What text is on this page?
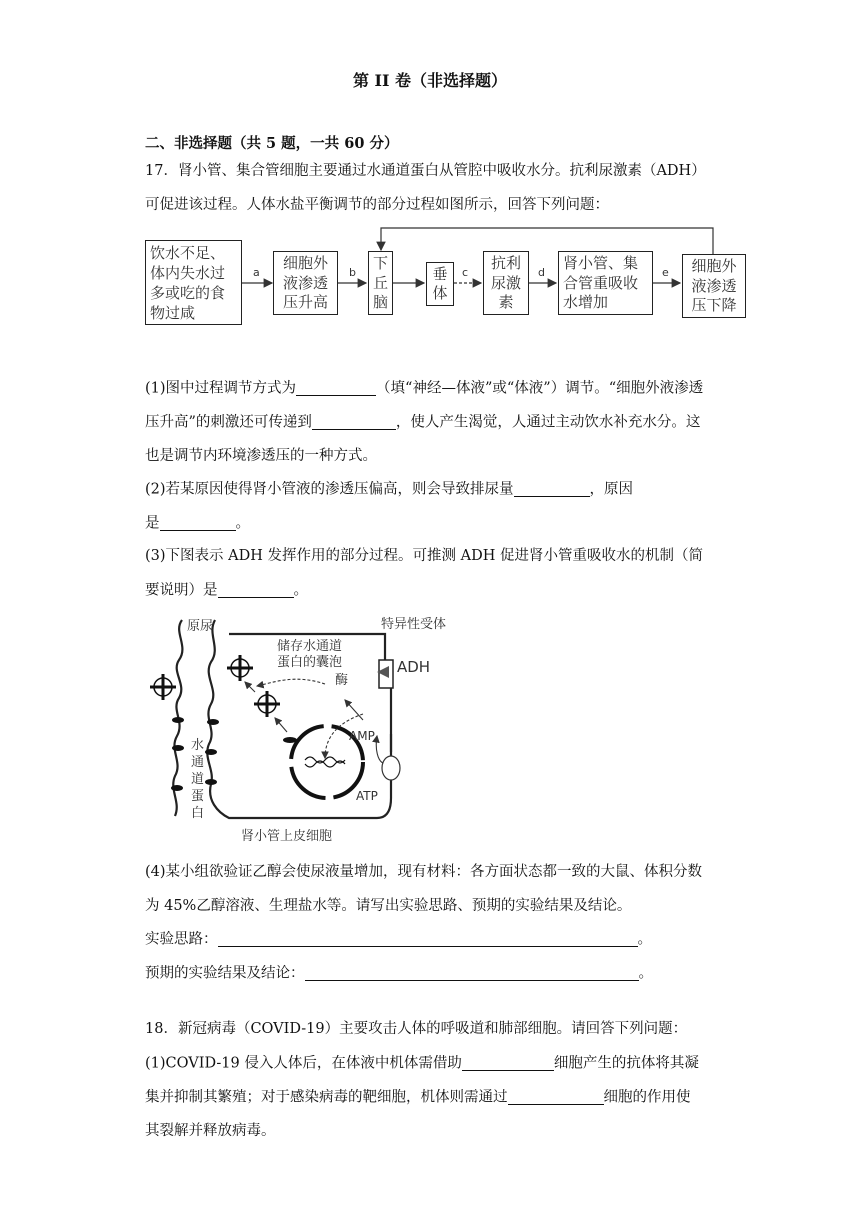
第 II 卷（非选择题）
二、非选择题（共 5 题，一共 60 分）
17．肾小管、集合管细胞主要通过水通道蛋白从管腔中吸收水分。抗利尿激素（ADH）
可促进该过程。人体水盐平衡调节的部分过程如图所示，回答下列问题：
a	b	c	d	e
饮水不足、
体内失水过
多或吃的食
物过咸
细胞外
液渗透
压升高
下
丘
脑
垂
体
抗利
尿激
素
肾小管、集
合管重吸收
水增加
细胞外
液渗透
压下降
(1)图中过程调节方式为	（填“神经—体液”或“体液”）调节。“细胞外液渗透
压升高”的刺激还可传递到	，使人产生渴觉，人通过主动饮水补充水分。这
也是调节内环境渗透压的一种方式。
(2)若某原因使得肾小管液的渗透压偏高，则会导致排尿量	，原因
是	。
(3)下图表示 ADH 发挥作用的部分过程。可推测 ADH 促进肾小管重吸收水的机制（简
要说明）是	。
原尿
储存水通道
蛋白的囊泡
特异性受体
ADH
酶
AMP
ATP
水
通
道
蛋
白
肾小管上皮细胞
(4)某小组欲验证乙醇会使尿液量增加，现有材料：各方面状态都一致的大鼠、体积分数
为 45%乙醇溶液、生理盐水等。请写出实验思路、预期的实验结果及结论。
实验思路：	。
预期的实验结果及结论：	。
18．新冠病毒（COVID-19）主要攻击人体的呼吸道和肺部细胞。请回答下列问题：
(1)COVID-19 侵入人体后，在体液中机体需借助	细胞产生的抗体将其凝
集并抑制其繁殖；对于感染病毒的靶细胞，机体则需通过	细胞的作用使
其裂解并释放病毒。
